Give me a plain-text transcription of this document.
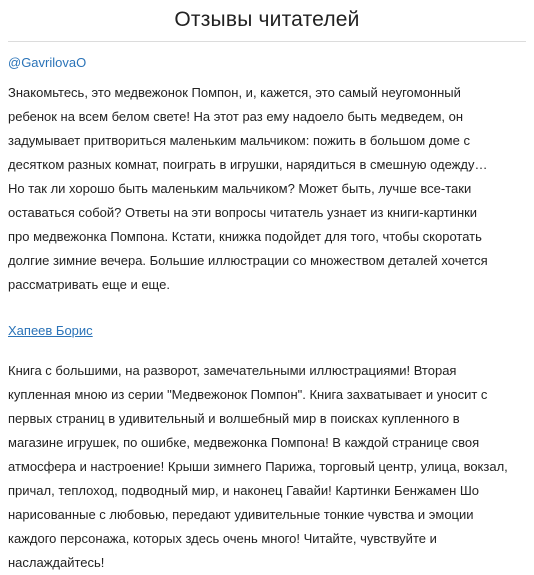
Отзывы читателей
@GavrilovaO
Знакомьтесь, это медвежонок Помпон, и, кажется, это самый неугомонный
ребенок на всем белом свете! На этот раз ему надоело быть медведем, он
задумывает притвориться маленьким мальчиком: пожить в большом доме с
десятком разных комнат, поиграть в игрушки, нарядиться в смешную одежду…
Но так ли хорошо быть маленьким мальчиком? Может быть, лучше все-таки
оставаться собой? Ответы на эти вопросы читатель узнает из книги-картинки
про медвежонка Помпона. Кстати, книжка подойдет для того, чтобы скоротать
долгие зимние вечера. Большие иллюстрации со множеством деталей хочется
рассматривать еще и еще.
Хапеев Борис
Книга с большими, на разворот, замечательными иллюстрациями! Вторая
купленная мною из серии "Медвежонок Помпон". Книга захватывает и уносит с
первых страниц в удивительный и волшебный мир в поисках купленного в
магазине игрушек, по ошибке, медвежонка Помпона! В каждой странице своя
атмосфера и настроение! Крыши зимнего Парижа, торговый центр, улица, вокзал,
причал, теплоход, подводный мир, и наконец Гавайи! Картинки Бенжамен Шо
нарисованные с любовью, передают удивительные тонкие чувства и эмоции
каждого персонажа, которых здесь очень много! Читайте, чувствуйте и
наслаждайтесь!
